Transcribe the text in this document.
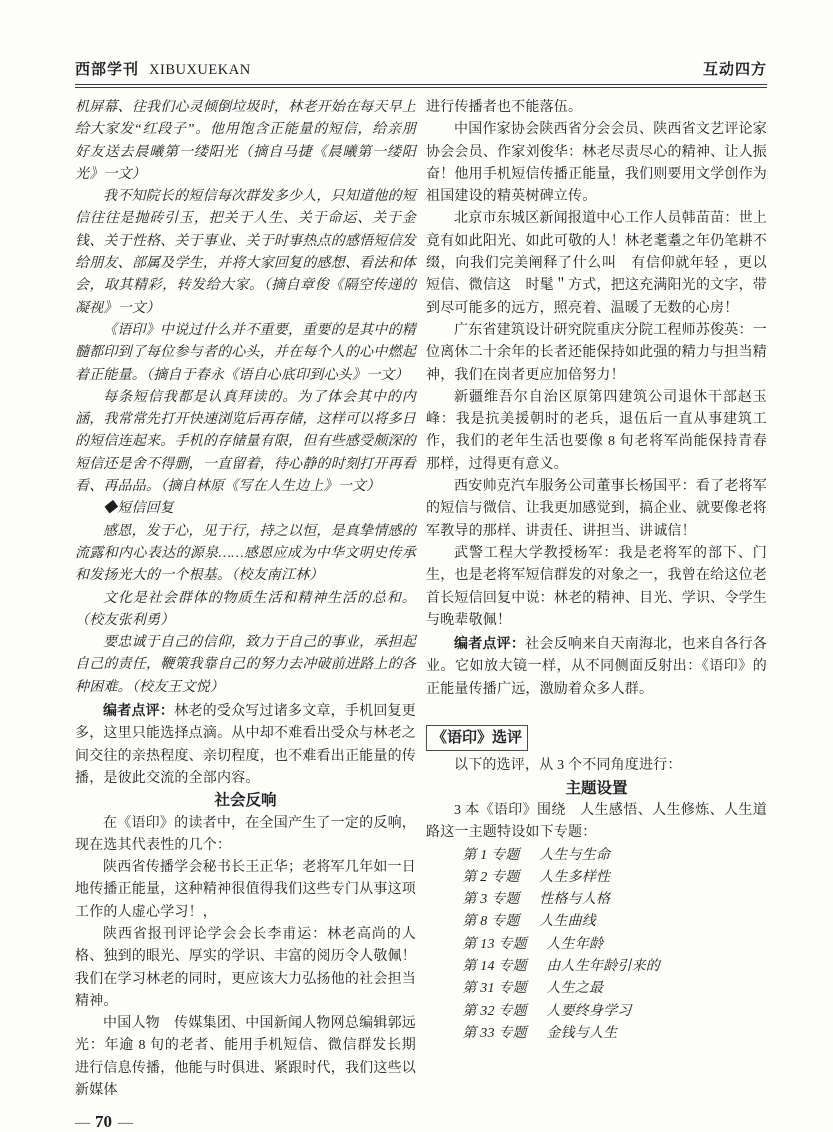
西部学刊 XIBUXUEKAN	互动四方

机屏幕、往我们心灵倾倒垃圾时，林老开始在每天早上给大家发“红段子”。他用饱含正能量的短信，给亲朋好友送去晨曦第一缕阳光（摘自马捷《晨曦第一缕阳光》一文）

我不知院长的短信每次群发多少人，只知道他的短信往往是抛砖引玉，把关于人生、关于命运、关于金钱、关于性格、关于事业、关于时事热点的感悟短信发给朋友、部属及学生，并将大家回复的感想、看法和体会，取其精彩，转发给大家。（摘自章俊《隔空传递的凝视》一文）

《语印》中说过什么并不重要，重要的是其中的精髓都印到了每位参与者的心头，并在每个人的心中燃起着正能量。（摘自于春永《语自心底印到心头》一文）

每条短信我都是认真拜读的。为了体会其中的内涵，我常常先打开快速浏览后再存储，这样可以将多日的短信连起来。手机的存储量有限，但有些感受颇深的短信还是舍不得删，一直留着，待心静的时刻打开再看看、再品品。（摘自林原《写在人生边上》一文）

◆短信回复

感恩，发于心，见于行，持之以恒，是真挚情感的流露和内心表达的源泉……感恩应成为中华文明史传承和发扬光大的一个根基。（校友南江林）

文化是社会群体的物质生活和精神生活的总和。（校友张利勇）

要忠诚于自己的信仰，致力于自己的事业，承担起自己的责任，鞭策我靠自己的努力去冲破前进路上的各种困难。（校友王文悦）

编者点评：林老的受众写过诸多文章，手机回复更多，这里只能选择点滴。从中却不难看出受众与林老之间交往的亲热程度、亲切程度，也不难看出正能量的传播，是彼此交流的全部内容。

社会反响

在《语印》的读者中，在全国产生了一定的反响，现在选其代表性的几个：

陕西省传播学会秘书长王正华；老将军几年如一日地传播正能量，这种精神很值得我们这些专门从事这项工作的人虚心学习！，

陕西省报刊评论学会会长李甫运：林老高尚的人格、独到的眼光、厚实的学识、丰富的阅历令人敬佩！我们在学习林老的同时，更应该大力弘扬他的社会担当精神。

中国人物　传媒集团、中国新闻人物网总编辑郭远光：年逾 8 旬的老者、能用手机短信、微信群发长期进行信息传播，他能与时俱进、紧跟时代，我们这些以新媒体

进行传播者也不能落伍。

中国作家协会陕西省分会会员、陕西省文艺评论家协会会员、作家刘俊华：林老尽责尽心的精神、让人振奋！他用手机短信传播正能量，我们则要用文学创作为祖国建设的精英树碑立传。

北京市东城区新闻报道中心工作人员韩苗苗：世上竟有如此阳光、如此可敬的人！林老耄耋之年仍笔耕不缀，向我们完美阐释了什么叫　有信仰就年轻 ，更以短信、微信这　时髦＂方式，把这充满阳光的文字，带到尽可能多的远方，照亮着、温暖了无数的心房！

广东省建筑设计研究院重庆分院工程师苏俊英：一位离休二十余年的长者还能保持如此强的精力与担当精神，我们在岗者更应加倍努力！

新疆维吾尔自治区原第四建筑公司退休干部赵玉峰：我是抗美援朝时的老兵，退伍后一直从事建筑工作，我们的老年生活也要像 8 旬老将军尚能保持青春那样，过得更有意义。

西安帅克汽车服务公司董事长杨国平：看了老将军的短信与微信、让我更加感觉到，搞企业、就要像老将军教导的那样、讲责任、讲担当、讲诚信！

武警工程大学教授杨军：我是老将军的部下、门生，也是老将军短信群发的对象之一，我曾在给这位老首长短信回复中说：林老的精神、目光、学识、令学生与晚辈敬佩！

编者点评：社会反响来自天南海北，也来自各行各业。它如放大镜一样，从不同侧面反射出：《语印》的正能量传播广远，激励着众多人群。

《语印》选评

以下的选评，从 3 个不同角度进行：

主题设置

3 本《语印》围绕　人生感悟、人生修炼、人生道路这一主题特设如下专题：

第 1 专题 人生与生命

第 2 专题 人生多样性

第 3 专题 性格与人格

第 8 专题 人生曲线

第 13 专题 人生年龄

第 14 专题 由人生年龄引来的

第 31 专题 人生之最

第 32 专题 人要终身学习

第 33 专题 金钱与人生

— 70 —
